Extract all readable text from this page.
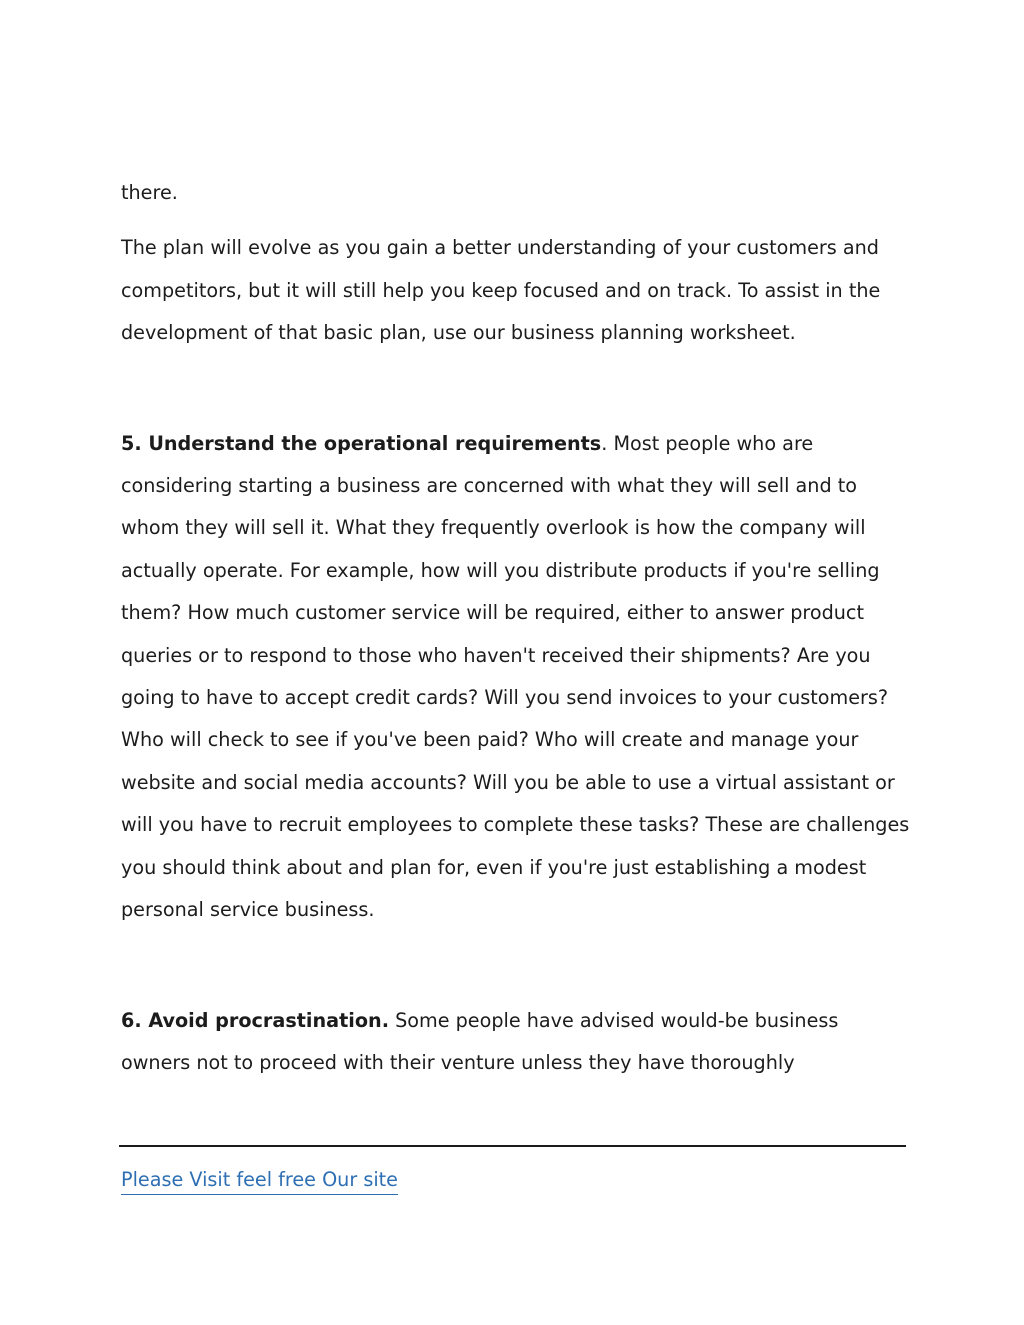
there.

The plan will evolve as you gain a better understanding of your customers and competitors, but it will still help you keep focused and on track. To assist in the development of that basic plan, use our business planning worksheet.

5. Understand the operational requirements. Most people who are considering starting a business are concerned with what they will sell and to whom they will sell it. What they frequently overlook is how the company will actually operate. For example, how will you distribute products if you're selling them? How much customer service will be required, either to answer product queries or to respond to those who haven't received their shipments? Are you going to have to accept credit cards? Will you send invoices to your customers? Who will check to see if you've been paid? Who will create and manage your website and social media accounts? Will you be able to use a virtual assistant or will you have to recruit employees to complete these tasks? These are challenges you should think about and plan for, even if you're just establishing a modest personal service business.

6. Avoid procrastination. Some people have advised would-be business owners not to proceed with their venture unless they have thoroughly

Please Visit feel free Our site
